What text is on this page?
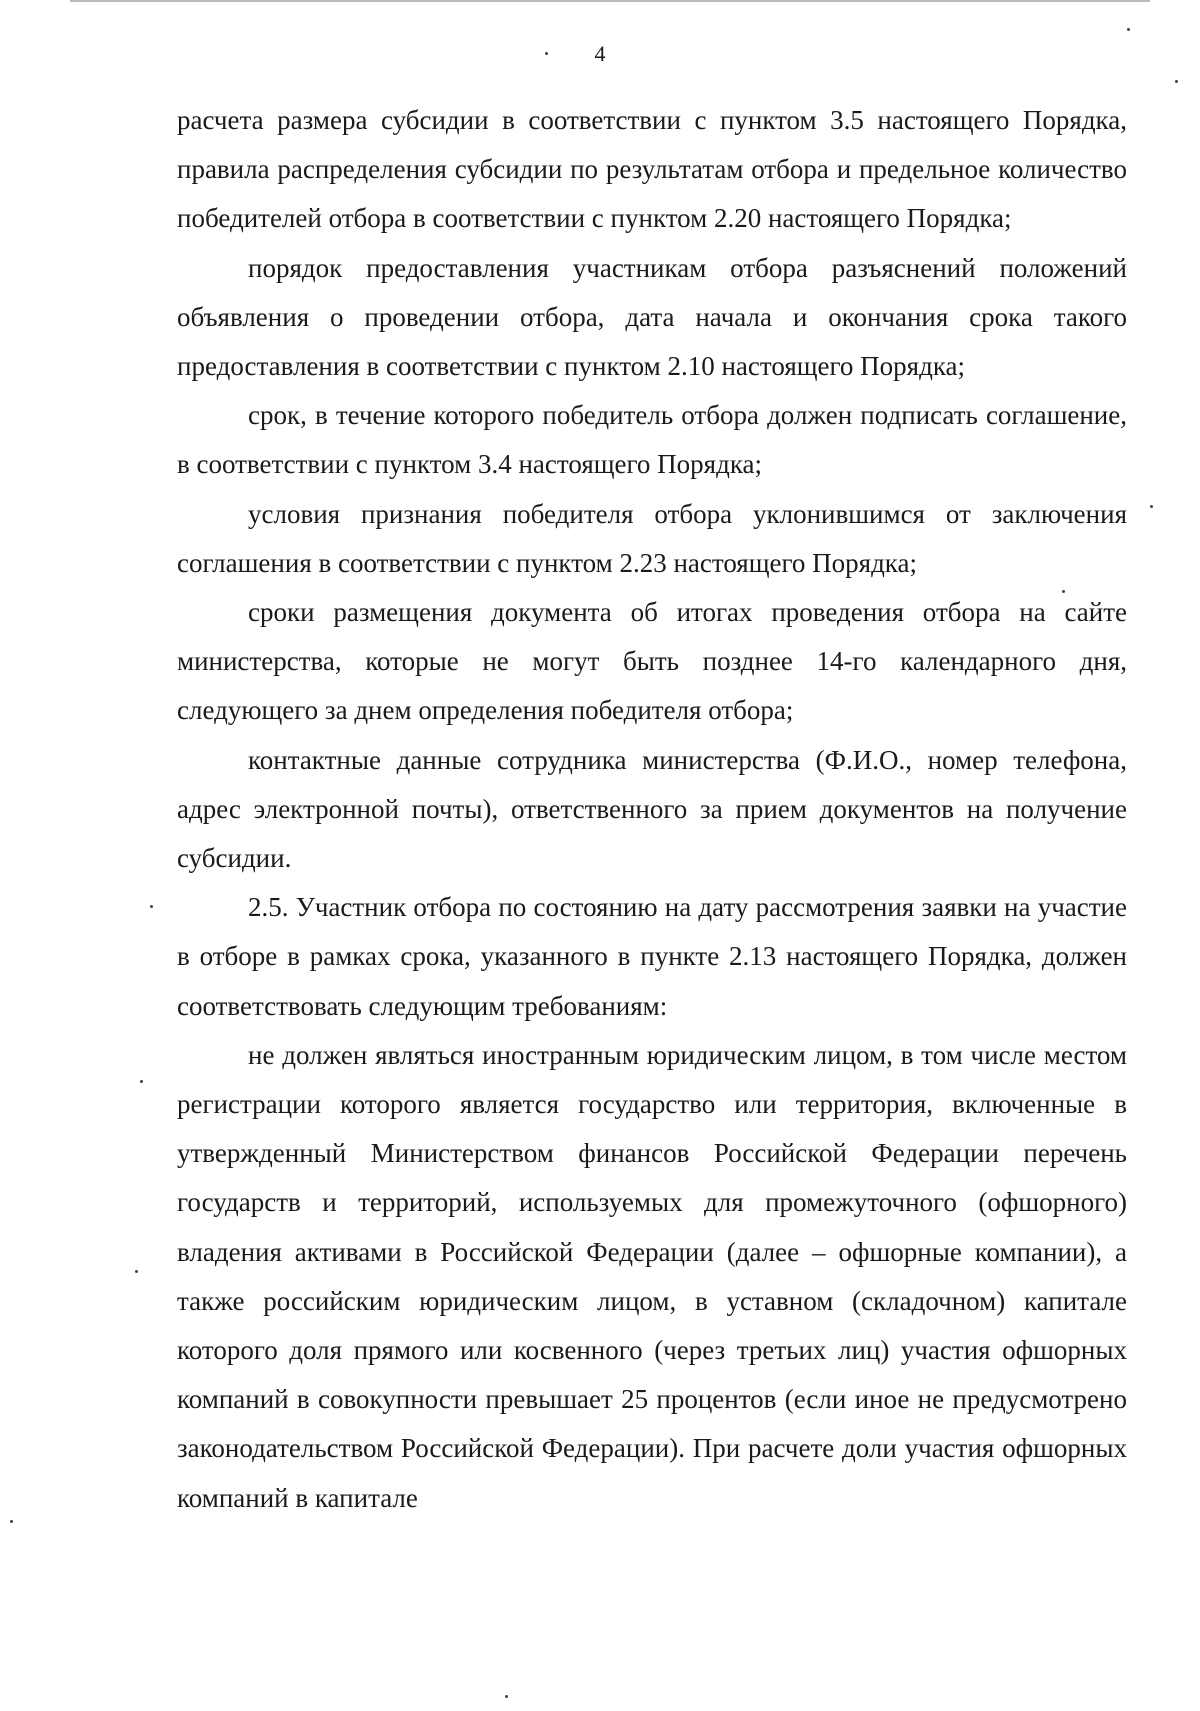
4

расчета размера субсидии в соответствии с пунктом 3.5 настоящего Порядка, правила распределения субсидии по результатам отбора и предельное количество победителей отбора в соответствии с пунктом 2.20 настоящего Порядка;

порядок предоставления участникам отбора разъяснений положений объявления о проведении отбора, дата начала и окончания срока такого предоставления в соответствии с пунктом 2.10 настоящего Порядка;

срок, в течение которого победитель отбора должен подписать соглашение, в соответствии с пунктом 3.4 настоящего Порядка;

условия признания победителя отбора уклонившимся от заключения соглашения в соответствии с пунктом 2.23 настоящего Порядка;

сроки размещения документа об итогах проведения отбора на сайте министерства, которые не могут быть позднее 14-го календарного дня, следующего за днем определения победителя отбора;

контактные данные сотрудника министерства (Ф.И.О., номер телефона, адрес электронной почты), ответственного за прием документов на получение субсидии.

2.5. Участник отбора по состоянию на дату рассмотрения заявки на участие в отборе в рамках срока, указанного в пункте 2.13 настоящего Порядка, должен соответствовать следующим требованиям:

не должен являться иностранным юридическим лицом, в том числе местом регистрации которого является государство или территория, включенные в утвержденный Министерством финансов Российской Федерации перечень государств и территорий, используемых для промежуточного (офшорного) владения активами в Российской Федерации (далее – офшорные компании), а также российским юридическим лицом, в уставном (складочном) капитале которого доля прямого или косвенного (через третьих лиц) участия офшорных компаний в совокупности превышает 25 процентов (если иное не предусмотрено законодательством Российской Федерации). При расчете доли участия офшорных компаний в капитале
